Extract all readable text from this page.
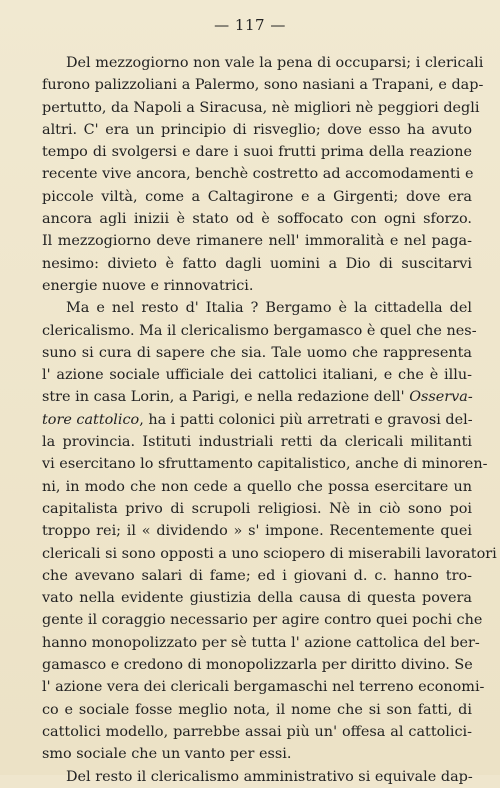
— 117 —
Del mezzogiorno non vale la pena di occuparsi; i clericali
furono palizzoliani a Palermo, sono nasiani a Trapani, e dap-
pertutto, da Napoli a Siracusa, nè migliori nè peggiori degli
altri. C' era un principio di risveglio; dove esso ha avuto
tempo di svolgersi e dare i suoi frutti prima della reazione
recente vive ancora, benchè costretto ad accomodamenti e
piccole viltà, come a Caltagirone e a Girgenti; dove era
ancora agli inizii è stato od è soffocato con ogni sforzo.
Il mezzogiorno deve rimanere nell' immoralità e nel paga-
nesimo: divieto è fatto dagli uomini a Dio di suscitarvi
energie nuove e rinnovatrici.
Ma e nel resto d' Italia ? Bergamo è la cittadella del
clericalismo. Ma il clericalismo bergamasco è quel che nes-
suno si cura di sapere che sia. Tale uomo che rappresenta
l' azione sociale ufficiale dei cattolici italiani, e che è illu-
stre in casa Lorin, a Parigi, e nella redazione dell' Osserva-
tore cattolico, ha i patti colonici più arretrati e gravosi del-
la provincia. Istituti industriali retti da clericali militanti
vi esercitano lo sfruttamento capitalistico, anche di minoren-
ni, in modo che non cede a quello che possa esercitare un
capitalista privo di scrupoli religiosi. Nè in ciò sono poi
troppo rei; il « dividendo » s' impone. Recentemente quei
clericali si sono opposti a uno sciopero di miserabili lavoratori
che avevano salari di fame; ed i giovani d. c. hanno tro-
vato nella evidente giustizia della causa di questa povera
gente il coraggio necessario per agire contro quei pochi che
hanno monopolizzato per sè tutta l' azione cattolica del ber-
gamasco e credono di monopolizzarla per diritto divino. Se
l' azione vera dei clericali bergamaschi nel terreno economi-
co e sociale fosse meglio nota, il nome che si son fatti, di
cattolici modello, parrebbe assai più un' offesa al cattolici-
smo sociale che un vanto per essi.
Del resto il clericalismo amministrativo si equivale dap-
